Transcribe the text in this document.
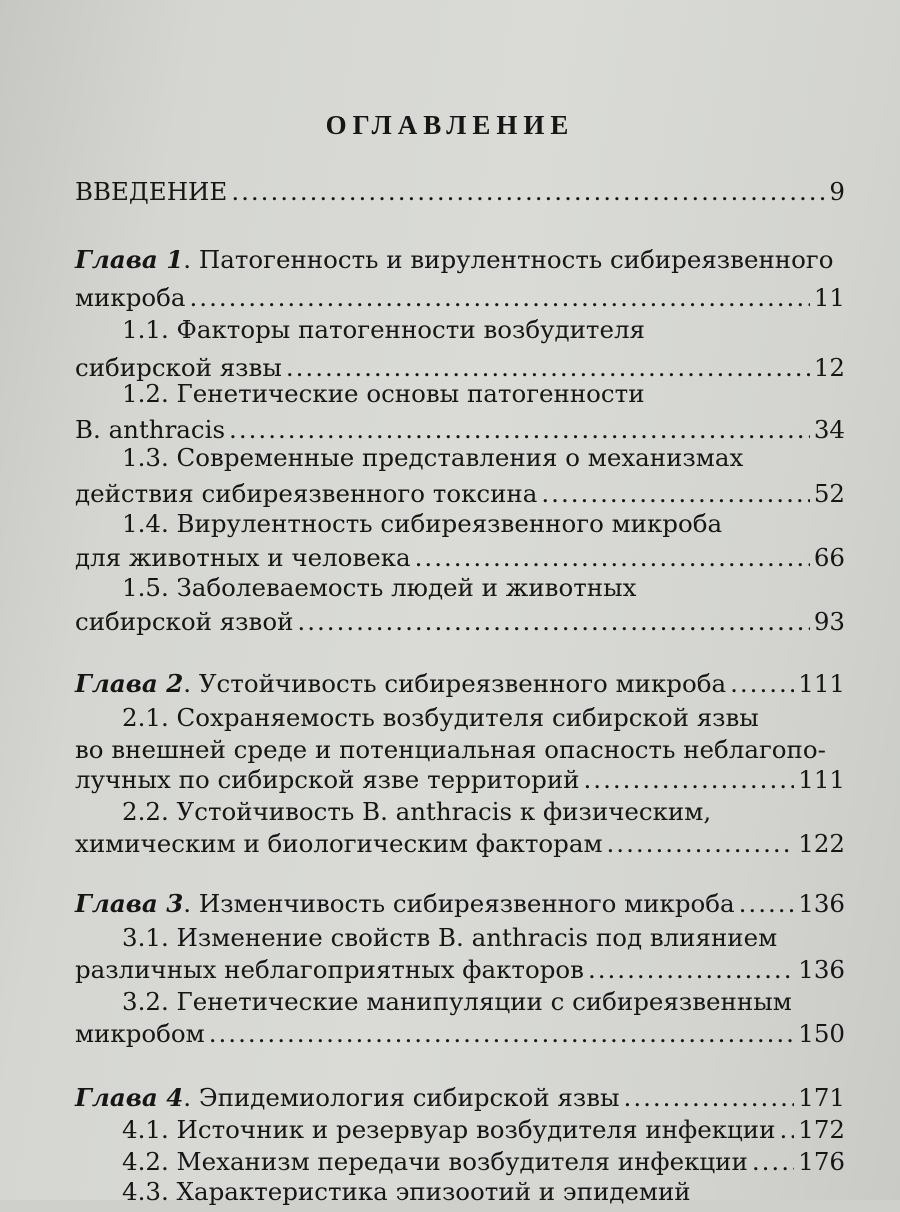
ОГЛАВЛЕНИЕ
ВВЕДЕНИЕ .....	9
Глава 1. Патогенность и вирулентность сибиреязвенного
микроба .....	11
1.1. Факторы патогенности возбудителя
сибирской язвы .....	12
1.2. Генетические основы патогенности
B. anthracis .....	34
1.3. Современные представления о механизмах
действия сибиреязвенного токсина .....	52
1.4. Вирулентность сибиреязвенного микроба
для животных и человека .....	66
1.5. Заболеваемость людей и животных
сибирской язвой .....	93
Глава 2. Устойчивость сибиреязвенного микроба .....	111
2.1. Сохраняемость возбудителя сибирской язвы
во внешней среде и потенциальная опасность неблагопо-
лучных по сибирской язве территорий .....	111
2.2. Устойчивость B. anthracis к физическим,
химическим и биологическим факторам .....	122
Глава 3. Изменчивость сибиреязвенного микроба .....	136
3.1. Изменение свойств B. anthracis под влиянием
различных неблагоприятных факторов .....	136
3.2. Генетические манипуляции с сибиреязвенным
микробом .....	150
Глава 4. Эпидемиология сибирской язвы .....	171
4.1. Источник и резервуар возбудителя инфекции ..... 172
4.2. Механизм передачи возбудителя инфекции ..... 176
4.3. Характеристика эпизоотий и эпидемий
